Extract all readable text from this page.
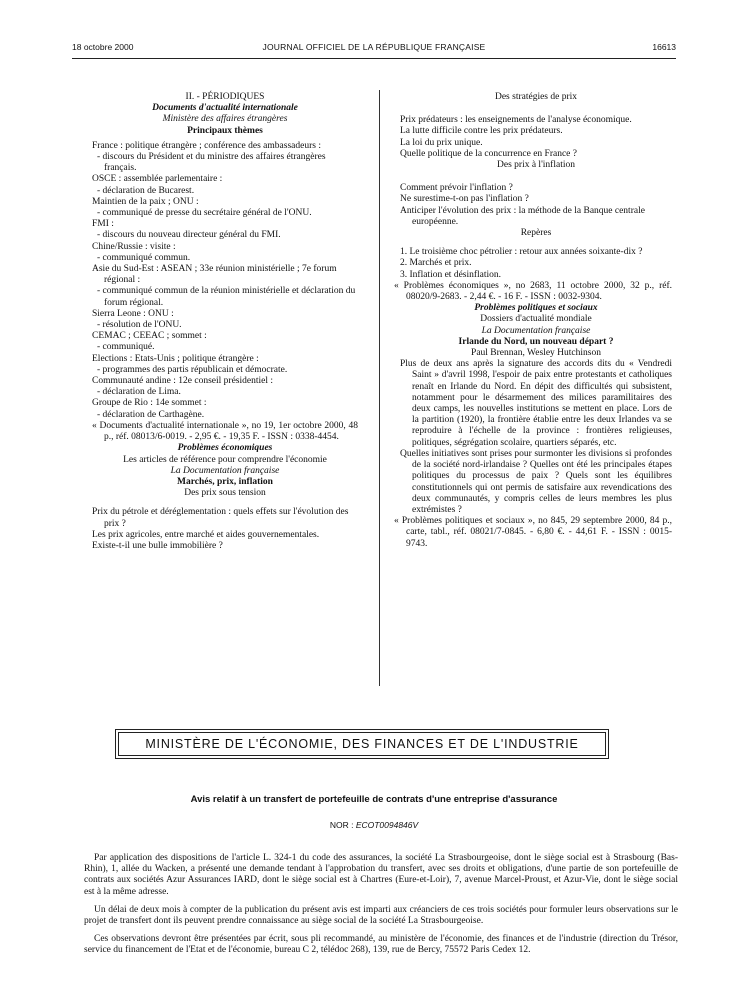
18 octobre 2000	JOURNAL OFFICIEL DE LA RÉPUBLIQUE FRANÇAISE	16613

II. - PÉRIODIQUES

Documents d'actualité internationale

Ministère des affaires étrangères

Principaux thèmes

France : politique étrangère ; conférence des ambassadeurs :

- discours du Président et du ministre des affaires étrangères français.

OSCE : assemblée parlementaire :

- déclaration de Bucarest.

Maintien de la paix ; ONU :

- communiqué de presse du secrétaire général de l'ONU.

FMI :

- discours du nouveau directeur général du FMI.

Chine/Russie : visite :

- communiqué commun.

Asie du Sud-Est : ASEAN ; 33e réunion ministérielle ; 7e forum régional :

- communiqué commun de la réunion ministérielle et déclaration du forum régional.

Sierra Leone : ONU :

- résolution de l'ONU.

CEMAC ; CEEAC ; sommet :

- communiqué.

Elections : Etats-Unis ; politique étrangère :

- programmes des partis républicain et démocrate.

Communauté andine : 12e conseil présidentiel :

- déclaration de Lima.

Groupe de Rio : 14e sommet :

- déclaration de Carthagène.

« Documents d'actualité internationale », no 19, 1er octobre 2000, 48 p., réf. 08013/6-0019. - 2,95 €. - 19,35 F. - ISSN : 0338-4454.

Problèmes économiques

Les articles de référence pour comprendre l'économie

La Documentation française

Marchés, prix, inflation

Des prix sous tension

Prix du pétrole et déréglementation : quels effets sur l'évolution des prix ?

Les prix agricoles, entre marché et aides gouvernementales.

Existe-t-il une bulle immobilière ?

Des stratégies de prix

Prix prédateurs : les enseignements de l'analyse économique.

La lutte difficile contre les prix prédateurs.

La loi du prix unique.

Quelle politique de la concurrence en France ?

Des prix à l'inflation

Comment prévoir l'inflation ?

Ne surestime-t-on pas l'inflation ?

Anticiper l'évolution des prix : la méthode de la Banque centrale européenne.

Repères

1. Le troisième choc pétrolier : retour aux années soixante-dix ?

2. Marchés et prix.

3. Inflation et désinflation.

« Problèmes économiques », no 2683, 11 octobre 2000, 32 p., réf. 08020/9-2683. - 2,44 €. - 16 F. - ISSN : 0032-9304.

Problèmes politiques et sociaux

Dossiers d'actualité mondiale

La Documentation française

Irlande du Nord, un nouveau départ ?

Paul Brennan, Wesley Hutchinson

Plus de deux ans après la signature des accords dits du « Vendredi Saint » d'avril 1998, l'espoir de paix entre protestants et catholiques renaît en Irlande du Nord. En dépit des difficultés qui subsistent, notamment pour le désarmement des milices paramilitaires des deux camps, les nouvelles institutions se mettent en place. Lors de la partition (1920), la frontière établie entre les deux Irlandes va se reproduire à l'échelle de la province : frontières religieuses, politiques, ségrégation scolaire, quartiers séparés, etc.

Quelles initiatives sont prises pour surmonter les divisions si profondes de la société nord-irlandaise ? Quelles ont été les principales étapes politiques du processus de paix ? Quels sont les équilibres constitutionnels qui ont permis de satisfaire aux revendications des deux communautés, y compris celles de leurs membres les plus extrémistes ?

« Problèmes politiques et sociaux », no 845, 29 septembre 2000, 84 p., carte, tabl., réf. 08021/7-0845. - 6,80 €. - 44,61 F. - ISSN : 0015-9743.

MINISTÈRE DE L'ÉCONOMIE, DES FINANCES ET DE L'INDUSTRIE
Avis relatif à un transfert de portefeuille de contrats d'une entreprise d'assurance
NOR : ECOT0094846V

Par application des dispositions de l'article L. 324-1 du code des assurances, la société La Strasbourgeoise, dont le siège social est à Strasbourg (Bas-Rhin), 1, allée du Wacken, a présenté une demande tendant à l'approbation du transfert, avec ses droits et obligations, d'une partie de son portefeuille de contrats aux sociétés Azur Assurances IARD, dont le siège social est à Chartres (Eure-et-Loir), 7, avenue Marcel-Proust, et Azur-Vie, dont le siège social est à la même adresse.

Un délai de deux mois à compter de la publication du présent avis est imparti aux créanciers de ces trois sociétés pour formuler leurs observations sur le projet de transfert dont ils peuvent prendre connaissance au siège social de la société La Strasbourgeoise.

Ces observations devront être présentées par écrit, sous pli recommandé, au ministère de l'économie, des finances et de l'industrie (direction du Trésor, service du financement de l'Etat et de l'économie, bureau C 2, télédoc 268), 139, rue de Bercy, 75572 Paris Cedex 12.
